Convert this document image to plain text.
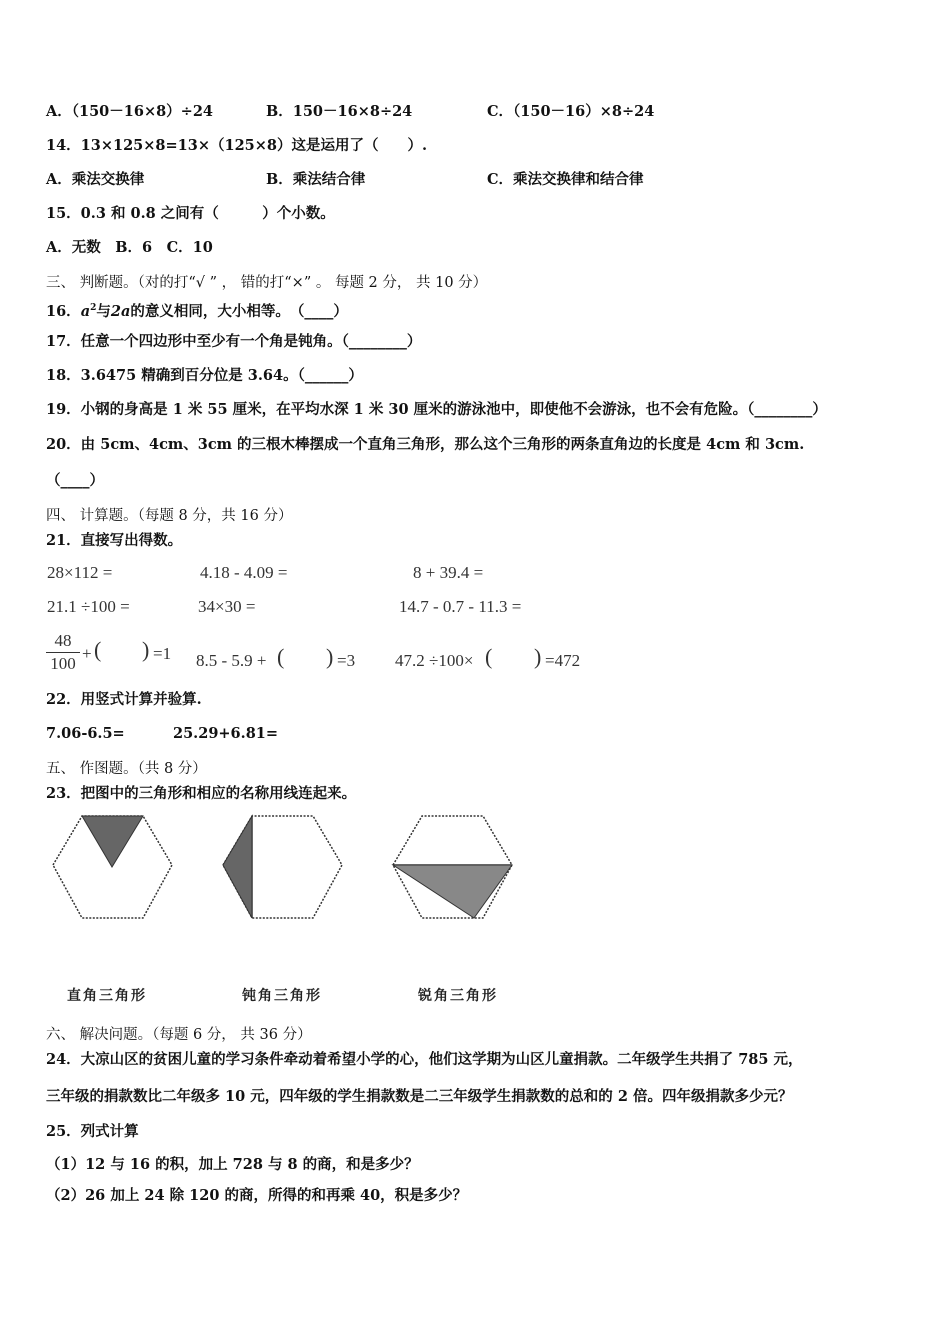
A．（150－16×8）÷24	B．150－16×8÷24	C．（150－16）×8÷24
14．13×125×8=13×（125×8）这是运用了（　　）.
A．乘法交换律	B．乘法结合律	C．乘法交换律和结合律
15．0.3 和 0.8 之间有（　　　）个小数。
A．无数　B．6　C．10
三、 判断题。（对的打“√ ” ， 错的打“×” 。 每题 2 分， 共 10 分）
16．$a^2$与2a的意义相同，大小相等。　（____）
17．任意一个四边形中至少有一个角是钝角。（________）
18．3.6475 精确到百分位是 3.64。（______）
19．小钢的身高是 1 米 55 厘米，在平均水深 1 米 30 厘米的游泳池中，即使他不会游泳，也不会有危险。（________）
20．由 5cm、4cm、3cm 的三根木棒摆成一个直角三角形，那么这个三角形的两条直角边的长度是 4cm 和 3cm.
（____）
四、 计算题。（每题 8 分，共 16 分）
21．直接写出得数。
28×112 =	4.18 - 4.09 =	8 + 39.4 =
21.1 ÷100 =	34×30 =	14.7 - 0.7 - 11.3 =
48
100
+ ( ) =1 8.5 - 5.9 + ( ) =3 47.2 ÷100× ( ) =472
22．用竖式计算并验算.
7.06-6.5=	25.29+6.81=
五、 作图题。（共 8 分）
23．把图中的三角形和相应的名称用线连起来。
直角三角形	钝角三角形	锐角三角形
六、 解决问题。（每题 6 分， 共 36 分）
24．大凉山区的贫困儿童的学习条件牵动着希望小学的心，他们这学期为山区儿童捐款。二年级学生共捐了 785 元，
三年级的捐款数比二年级多 10 元，四年级的学生捐款数是二三年级学生捐款数的总和的 2 倍。四年级捐款多少元？
25．列式计算
（1）12 与 16 的积，加上 728 与 8 的商，和是多少？
（2）26 加上 24 除 120 的商，所得的和再乘 40，积是多少？
